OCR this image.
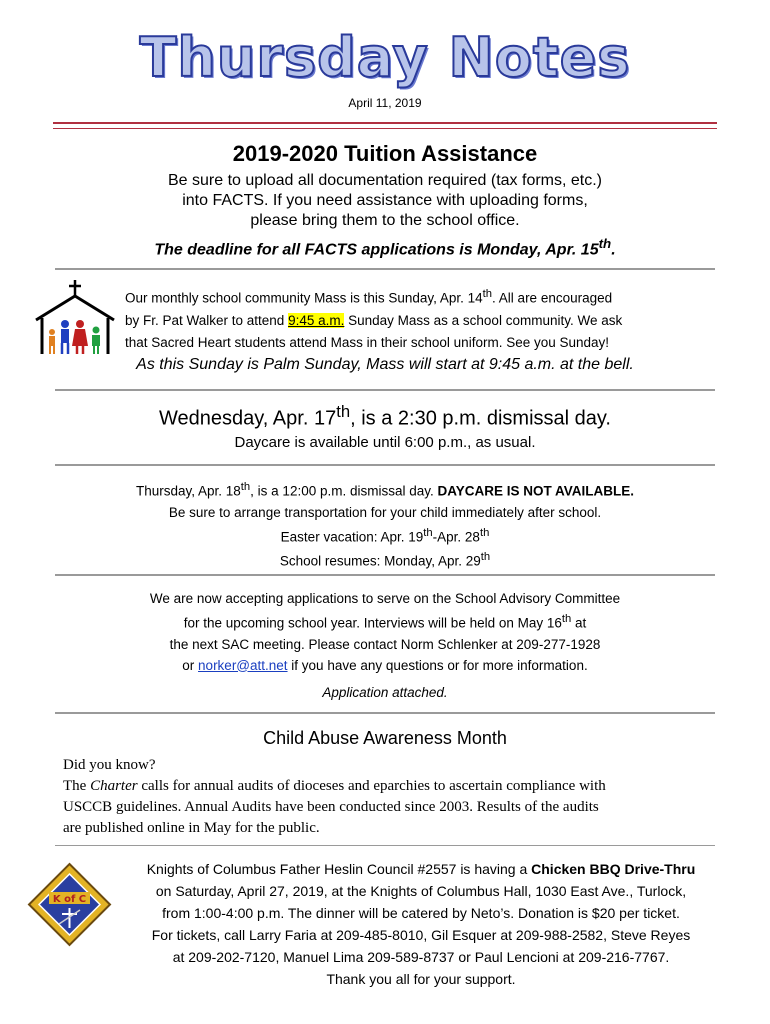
Thursday Notes
April 11, 2019
2019-2020 Tuition Assistance
Be sure to upload all documentation required (tax forms, etc.)
into FACTS. If you need assistance with uploading forms,
please bring them to the school office.
The deadline for all FACTS applications is Monday, Apr. 15th.
Our monthly school community Mass is this Sunday, Apr. 14th. All are encouraged
by Fr. Pat Walker to attend 9:45 a.m. Sunday Mass as a school community. We ask
that Sacred Heart students attend Mass in their school uniform. See you Sunday!
As this Sunday is Palm Sunday, Mass will start at 9:45 a.m. at the bell.
Wednesday, Apr. 17th, is a 2:30 p.m. dismissal day.
Daycare is available until 6:00 p.m., as usual.
Thursday, Apr. 18th, is a 12:00 p.m. dismissal day. DAYCARE IS NOT AVAILABLE.
Be sure to arrange transportation for your child immediately after school.
Easter vacation: Apr. 19th-Apr. 28th
School resumes: Monday, Apr. 29th
We are now accepting applications to serve on the School Advisory Committee
for the upcoming school year. Interviews will be held on May 16th at
the next SAC meeting. Please contact Norm Schlenker at 209-277-1928
or norker@att.net if you have any questions or for more information.
Application attached.
Child Abuse Awareness Month
Did you know?
The Charter calls for annual audits of dioceses and eparchies to ascertain compliance with
USCCB guidelines. Annual Audits have been conducted since 2003. Results of the audits
are published online in May for the public.
K of C
Knights of Columbus Father Heslin Council #2557 is having a Chicken BBQ Drive-Thru
on Saturday, April 27, 2019, at the Knights of Columbus Hall, 1030 East Ave., Turlock,
from 1:00-4:00 p.m. The dinner will be catered by Neto’s. Donation is $20 per ticket.
For tickets, call Larry Faria at 209-485-8010, Gil Esquer at 209-988-2582, Steve Reyes
at 209-202-7120, Manuel Lima 209-589-8737 or Paul Lencioni at 209-216-7767.
Thank you all for your support.
